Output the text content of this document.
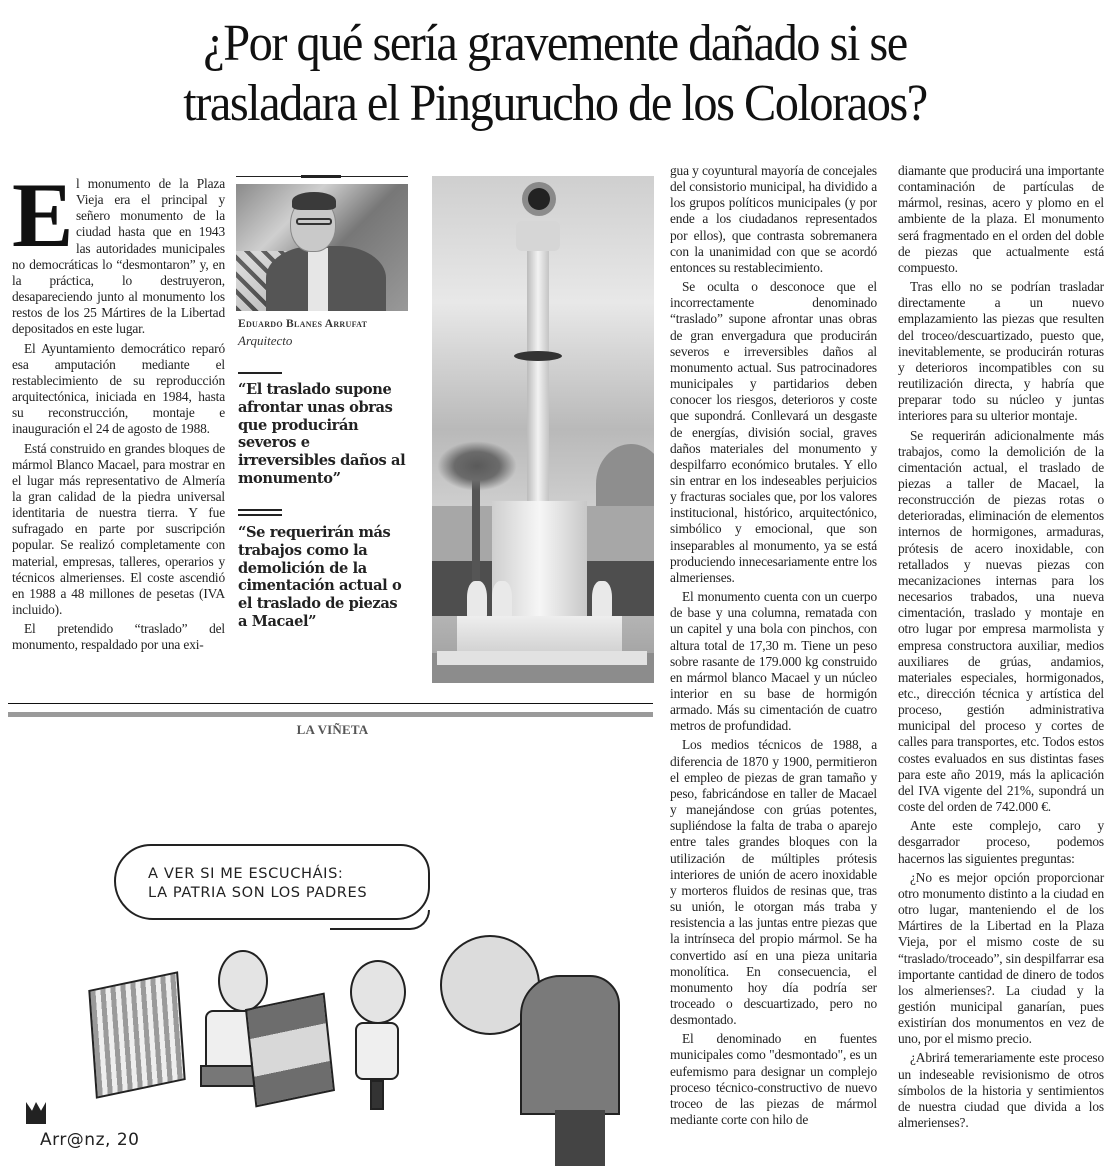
¿Por qué sería gravemente dañado si se
trasladara el Pingurucho de los Coloraos?

El monumento de la Plaza Vieja era el principal y señero monumento de la ciudad hasta que en 1943 las autoridades municipales no democráticas lo “desmontaron” y, en la práctica, lo destruyeron, desapareciendo junto al monumento los restos de los 25 Mártires de la Libertad depositados en este lugar.

El Ayuntamiento democrático reparó esa amputación mediante el restablecimiento de su reproducción arquitectónica, iniciada en 1984, hasta su reconstrucción, montaje e inauguración el 24 de agosto de 1988.

Está construido en grandes bloques de mármol Blanco Macael, para mostrar en el lugar más representativo de Almería la gran calidad de la piedra universal identitaria de nuestra tierra. Y fue sufragado en parte por suscripción popular. Se realizó completamente con material, empresas, talleres, operarios y técnicos almerienses. El coste ascendió en 1988 a 48 millones de pesetas (IVA incluido).

El pretendido “traslado” del monumento, respaldado por una exi-

Eduardo Blanes Arrufat
Arquitecto
“El traslado supone afrontar unas obras que producirán severos e irreversibles daños al monumento”
“Se requerirán más trabajos como la demolición de la cimentación actual o el traslado de piezas a Macael”
LA VIÑETA
A VER SI ME ESCUCHÁIS:
LA PATRIA SON LOS PADRES
Arr@nz, 20

gua y coyuntural mayoría de concejales del consistorio municipal, ha dividido a los grupos políticos municipales (y por ende a los ciudadanos representados por ellos), que contrasta sobremanera con la unanimidad con que se acordó entonces su restablecimiento.

Se oculta o desconoce que el incorrectamente denominado “traslado” supone afrontar unas obras de gran envergadura que producirán severos e irreversibles daños al monumento actual. Sus patrocinadores municipales y partidarios deben conocer los riesgos, deterioros y coste que supondrá. Conllevará un desgaste de energías, división social, graves daños materiales del monumento y despilfarro económico brutales. Y ello sin entrar en los indeseables perjuicios y fracturas sociales que, por los valores institucional, histórico, arquitectónico, simbólico y emocional, que son inseparables al monumento, ya se está produciendo innecesariamente entre los almerienses.

El monumento cuenta con un cuerpo de base y una columna, rematada con un capitel y una bola con pinchos, con altura total de 17,30 m. Tiene un peso sobre rasante de 179.000 kg construido en mármol blanco Macael y un núcleo interior en su base de hormigón armado. Más su cimentación de cuatro metros de profundidad.

Los medios técnicos de 1988, a diferencia de 1870 y 1900, permitieron el empleo de piezas de gran tamaño y peso, fabricándose en taller de Macael y manejándose con grúas potentes, supliéndose la falta de traba o aparejo entre tales grandes bloques con la utilización de múltiples prótesis interiores de unión de acero inoxidable y morteros fluidos de resinas que, tras su unión, le otorgan más traba y resistencia a las juntas entre piezas que la intrínseca del propio mármol. Se ha convertido así en una pieza unitaria monolítica. En consecuencia, el monumento hoy día podría ser troceado o descuartizado, pero no desmontado.

El denominado en fuentes municipales como "desmontado", es un eufemismo para designar un complejo proceso técnico-constructivo de nuevo troceo de las piezas de mármol mediante corte con hilo de

diamante que producirá una importante contaminación de partículas de mármol, resinas, acero y plomo en el ambiente de la plaza. El monumento será fragmentado en el orden del doble de piezas que actualmente está compuesto.

Tras ello no se podrían trasladar directamente a un nuevo emplazamiento las piezas que resulten del troceo/descuartizado, puesto que, inevitablemente, se producirán roturas y deterioros incompatibles con su reutilización directa, y habría que preparar todo su núcleo y juntas interiores para su ulterior montaje.

Se requerirán adicionalmente más trabajos, como la demolición de la cimentación actual, el traslado de piezas a taller de Macael, la reconstrucción de piezas rotas o deterioradas, eliminación de elementos internos de hormigones, armaduras, prótesis de acero inoxidable, con retallados y nuevas piezas con mecanizaciones internas para los necesarios trabados, una nueva cimentación, traslado y montaje en otro lugar por empresa marmolista y empresa constructora auxiliar, medios auxiliares de grúas, andamios, materiales especiales, hormigonados, etc., dirección técnica y artística del proceso, gestión administrativa municipal del proceso y cortes de calles para transportes, etc. Todos estos costes evaluados en sus distintas fases para este año 2019, más la aplicación del IVA vigente del 21%, supondrá un coste del orden de 742.000 €.

Ante este complejo, caro y desgarrador proceso, podemos hacernos las siguientes preguntas:

¿No es mejor opción proporcionar otro monumento distinto a la ciudad en otro lugar, manteniendo el de los Mártires de la Libertad en la Plaza Vieja, por el mismo coste de su “traslado/troceado”, sin despilfarrar esa importante cantidad de dinero de todos los almerienses?. La ciudad y la gestión municipal ganarían, pues existirían dos monumentos en vez de uno, por el mismo precio.

¿Abrirá temerariamente este proceso un indeseable revisionismo de otros símbolos de la historia y sentimientos de nuestra ciudad que divida a los almerienses?.
